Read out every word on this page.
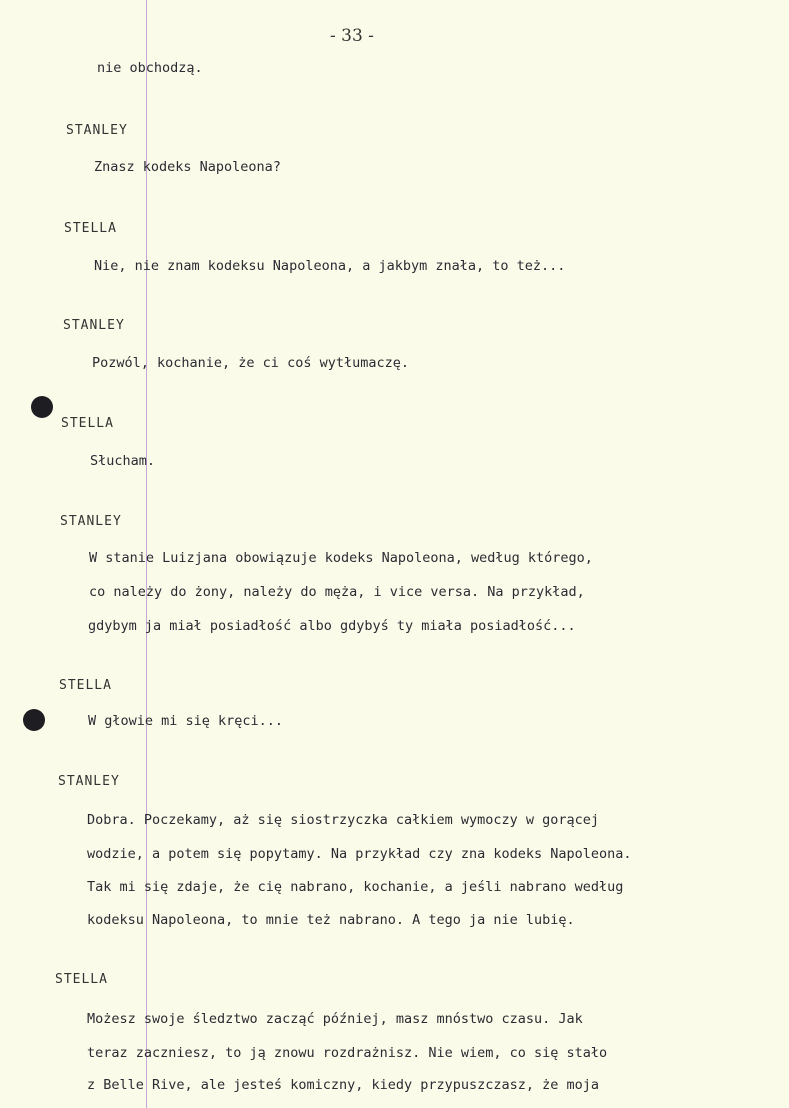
- 33 -
nie obchodzą.
STANLEY
Znasz kodeks Napoleona?
STELLA
Nie, nie znam kodeksu Napoleona, a jakbym znała, to też...
STANLEY
Pozwól, kochanie, że ci coś wytłumaczę.
STELLA
Słucham.
STANLEY
W stanie Luizjana obowiązuje kodeks Napoleona, według którego,
co należy do żony, należy do męża, i vice versa. Na przykład,
gdybym ja miał posiadłość albo gdybyś ty miała posiadłość...
STELLA
W głowie mi się kręci...
STANLEY
Dobra. Poczekamy, aż się siostrzyczka całkiem wymoczy w gorącej
wodzie, a potem się popytamy. Na przykład czy zna kodeks Napoleona.
Tak mi się zdaje, że cię nabrano, kochanie, a jeśli nabrano według
kodeksu Napoleona, to mnie też nabrano. A tego ja nie lubię.
STELLA
Możesz swoje śledztwo zacząć później, masz mnóstwo czasu. Jak
teraz zaczniesz, to ją znowu rozdrażnisz. Nie wiem, co się stało
z Belle Rive, ale jesteś komiczny, kiedy przypuszczasz, że moja
